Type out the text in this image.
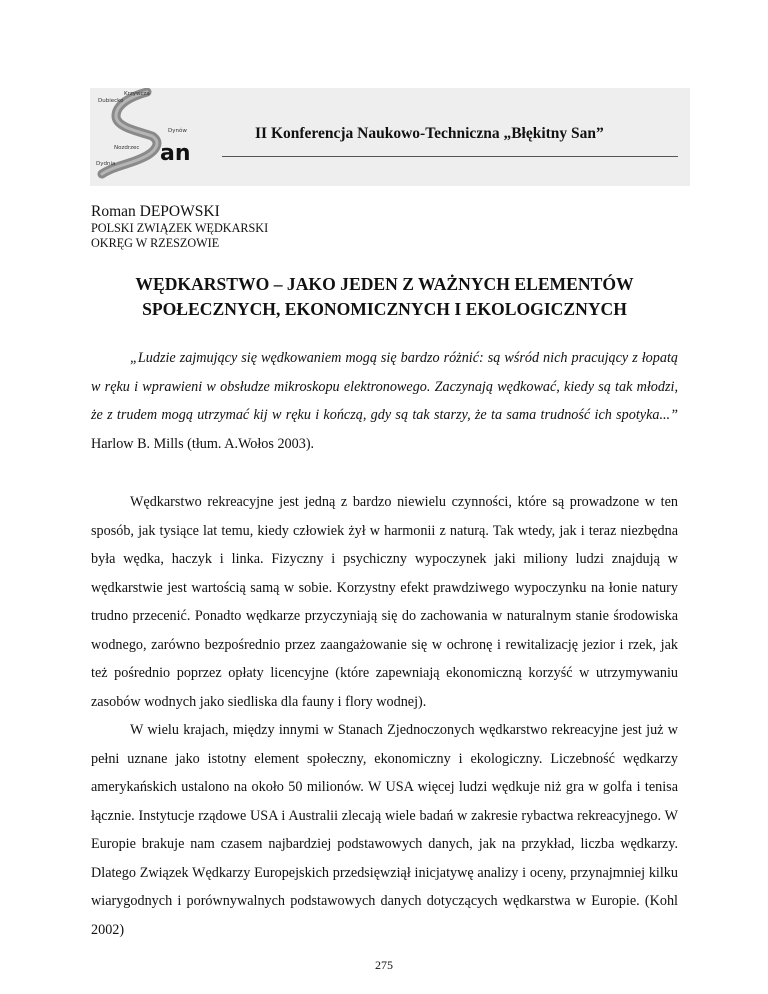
an
Krzywcza
Dubiecko
Dynów
Nozdrzec
Dydnia
II Konferencja Naukowo-Techniczna „Błękitny San”
Roman DEPOWSKI
POLSKI ZWIĄZEK WĘDKARSKI
OKRĘG W RZESZOWIE
WĘDKARSTWO – JAKO JEDEN Z WAŻNYCH ELEMENTÓW
SPOŁECZNYCH, EKONOMICZNYCH I EKOLOGICZNYCH

„Ludzie zajmujący się wędkowaniem mogą się bardzo różnić: są wśród nich pracujący z łopatą w ręku i wprawieni w obsłudze mikroskopu elektronowego. Zaczynają wędkować, kiedy są tak młodzi, że z trudem mogą utrzymać kij w ręku i kończą, gdy są tak starzy, że ta sama trudność ich spotyka...” Harlow B. Mills (tłum. A.Wołos 2003).

Wędkarstwo rekreacyjne jest jedną z bardzo niewielu czynności, które są prowadzone w ten sposób, jak tysiące lat temu, kiedy człowiek żył w harmonii z naturą. Tak wtedy, jak i teraz niezbędna była wędka, haczyk i linka. Fizyczny i psychiczny wypoczynek jaki miliony ludzi znajdują w wędkarstwie jest wartością samą w sobie. Korzystny efekt prawdziwego wypoczynku na łonie natury trudno przecenić. Ponadto wędkarze przyczyniają się do zachowania w naturalnym stanie środowiska wodnego, zarówno bezpośrednio przez zaangażowanie się w ochronę i rewitalizację jezior i rzek, jak też pośrednio poprzez opłaty licencyjne (które zapewniają ekonomiczną korzyść w utrzymywaniu zasobów wodnych jako siedliska dla fauny i flory wodnej).

W wielu krajach, między innymi w Stanach Zjednoczonych wędkarstwo rekreacyjne jest już w pełni uznane jako istotny element społeczny, ekonomiczny i ekologiczny. Liczebność wędkarzy amerykańskich ustalono na około 50 milionów. W USA więcej ludzi wędkuje niż gra w golfa i tenisa łącznie. Instytucje rządowe USA i Australii zlecają wiele badań w zakresie rybactwa rekreacyjnego. W Europie brakuje nam czasem najbardziej podstawowych danych, jak na przykład, liczba wędkarzy. Dlatego Związek Wędkarzy Europejskich przedsięwziął inicjatywę analizy i oceny, przynajmniej kilku wiarygodnych i porównywalnych podstawowych danych dotyczących wędkarstwa w Europie. (Kohl 2002)

275
